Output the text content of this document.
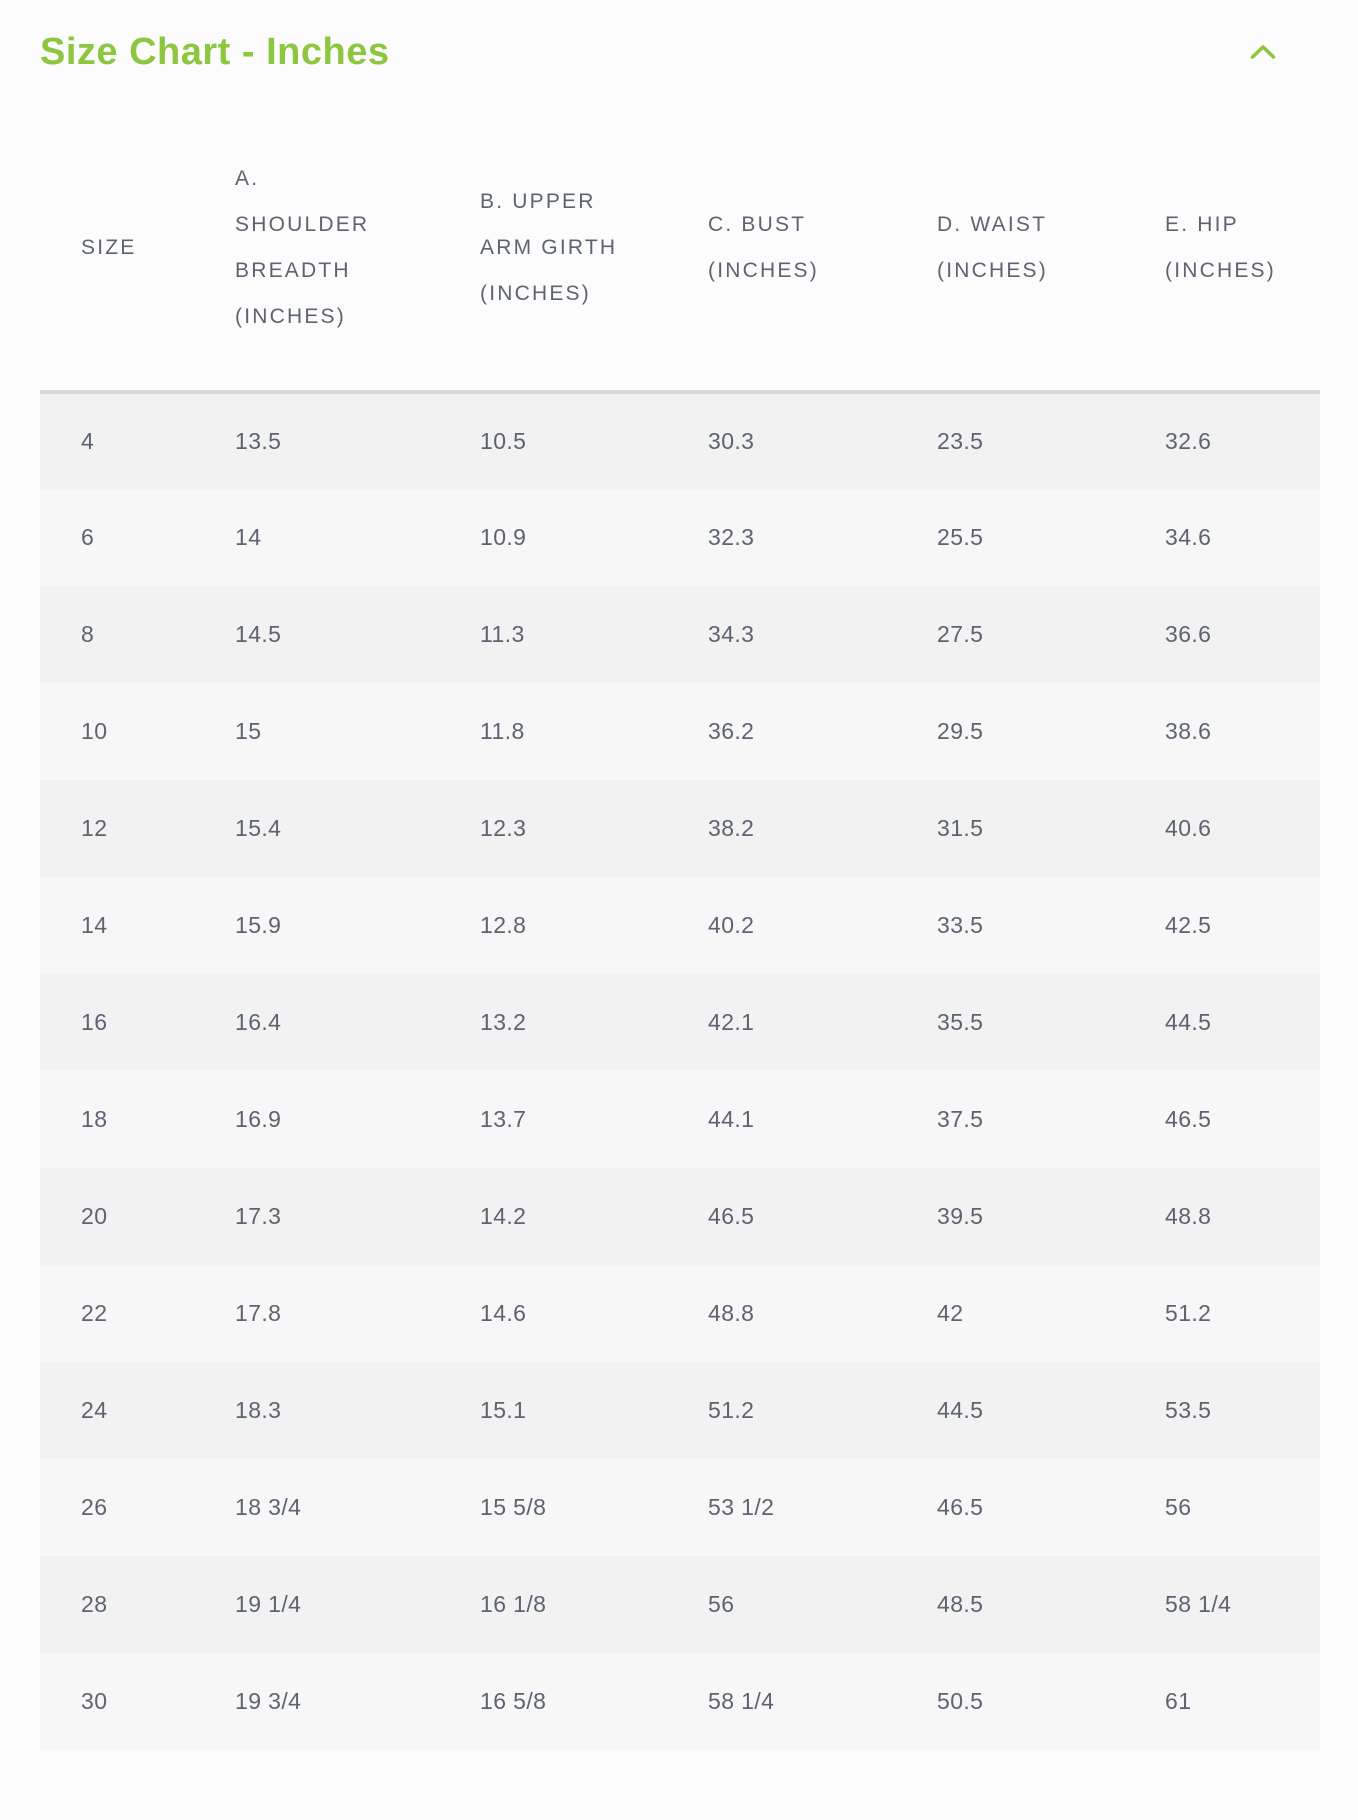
Size Chart - Inches
SIZE	A. SHOULDER BREADTH (INCHES)	B. UPPER ARM GIRTH (INCHES)	C. BUST (INCHES)	D. WAIST (INCHES)	E. HIP (INCHES)
4	13.5	10.5	30.3	23.5	32.6
6	14	10.9	32.3	25.5	34.6
8	14.5	11.3	34.3	27.5	36.6
10	15	11.8	36.2	29.5	38.6
12	15.4	12.3	38.2	31.5	40.6
14	15.9	12.8	40.2	33.5	42.5
16	16.4	13.2	42.1	35.5	44.5
18	16.9	13.7	44.1	37.5	46.5
20	17.3	14.2	46.5	39.5	48.8
22	17.8	14.6	48.8	42	51.2
24	18.3	15.1	51.2	44.5	53.5
26	18 3/4	15 5/8	53 1/2	46.5	56
28	19 1/4	16 1/8	56	48.5	58 1/4
30	19 3/4	16 5/8	58 1/4	50.5	61
